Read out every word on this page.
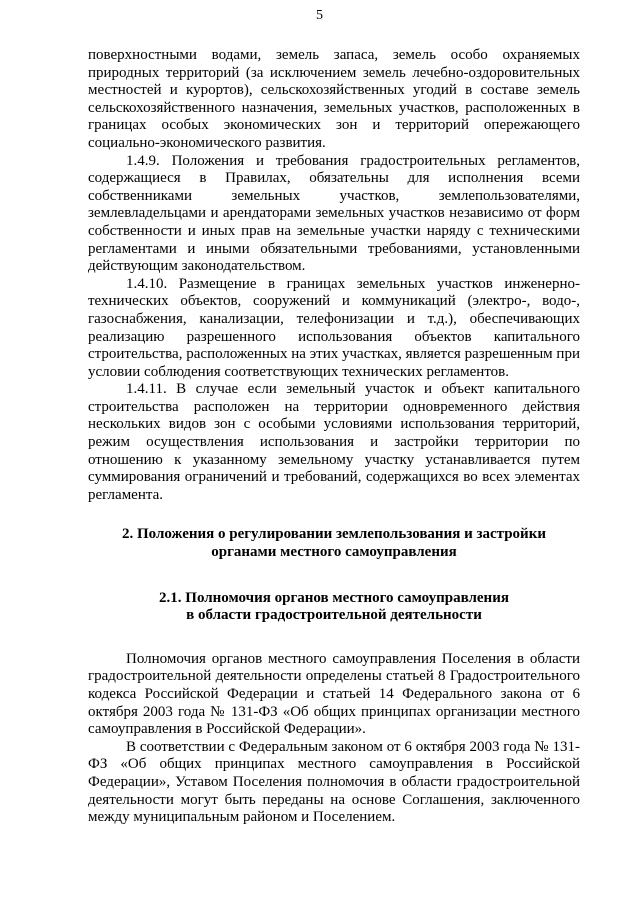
5

поверхностными водами, земель запаса, земель особо охраняемых природных территорий (за исключением земель лечебно-оздоровительных местностей и курортов), сельскохозяйственных угодий в составе земель сельскохозяйственного назначения, земельных участков, расположенных в границах особых экономических зон и территорий опережающего социально-экономического развития.

1.4.9. Положения и требования градостроительных регламентов, содержащиеся в Правилах, обязательны для исполнения всеми собственниками земельных участков, землепользователями, землевладельцами и арендаторами земельных участков независимо от форм собственности и иных прав на земельные участки наряду с техническими регламентами и иными обязательными требованиями, установленными действующим законодательством.

1.4.10. Размещение в границах земельных участков инженерно-технических объектов, сооружений и коммуникаций (электро-, водо-, газоснабжения, канализации, телефонизации и т.д.), обеспечивающих реализацию разрешенного использования объектов капитального строительства, расположенных на этих участках, является разрешенным при условии соблюдения соответствующих технических регламентов.

1.4.11. В случае если земельный участок и объект капитального строительства расположен на территории одновременного действия нескольких видов зон с особыми условиями использования территорий, режим осуществления использования и застройки территории по отношению к указанному земельному участку устанавливается путем суммирования ограничений и требований, содержащихся во всех элементах регламента.

2. Положения о регулировании землепользования и застройки
органами местного самоуправления
2.1. Полномочия органов местного самоуправления
в области градостроительной деятельности

Полномочия органов местного самоуправления Поселения в области градостроительной деятельности определены статьей 8 Градостроительного кодекса Российской Федерации и статьей 14 Федерального закона от 6 октября 2003 года № 131-ФЗ «Об общих принципах организации местного самоуправления в Российской Федерации».

В соответствии с Федеральным законом от 6 октября 2003 года № 131-ФЗ «Об общих принципах местного самоуправления в Российской Федерации», Уставом Поселения полномочия в области градостроительной деятельности могут быть переданы на основе Соглашения, заключенного между муниципальным районом и Поселением.
